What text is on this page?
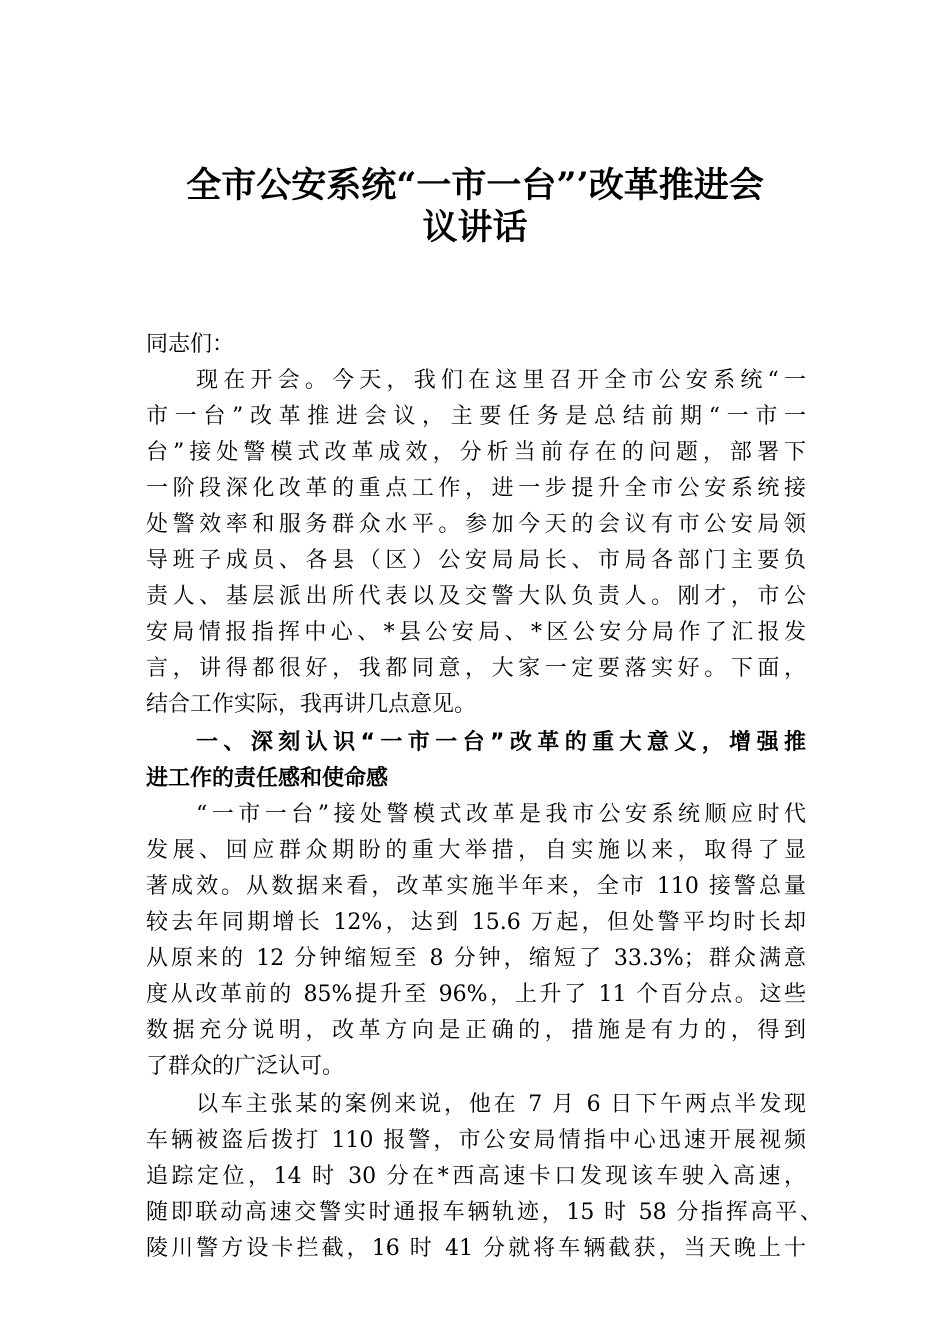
全市公安系统“一市一台”’改革推进会
议讲话
同志们：
现在开会。今天，我们在这里召开全市公安系统“一
市一台”改革推进会议，主要任务是总结前期“一市一
台”接处警模式改革成效，分析当前存在的问题，部署下
一阶段深化改革的重点工作，进一步提升全市公安系统接
处警效率和服务群众水平。参加今天的会议有市公安局领
导班子成员、各县（区）公安局局长、市局各部门主要负
责人、基层派出所代表以及交警大队负责人。刚才，市公
安局情报指挥中心、*县公安局、*区公安分局作了汇报发
言，讲得都很好，我都同意，大家一定要落实好。下面，
结合工作实际，我再讲几点意见。
一、深刻认识“一市一台”改革的重大意义，增强推
进工作的责任感和使命感
“一市一台”接处警模式改革是我市公安系统顺应时代
发展、回应群众期盼的重大举措，自实施以来，取得了显
著成效。从数据来看，改革实施半年来，全市 110 接警总量
较去年同期增长 12%，达到 15.6 万起，但处警平均时长却
从原来的 12 分钟缩短至 8 分钟，缩短了 33.3%；群众满意
度从改革前的 85%提升至 96%，上升了 11 个百分点。这些
数据充分说明，改革方向是正确的，措施是有力的，得到
了群众的广泛认可。
以车主张某的案例来说，他在 7 月 6 日下午两点半发现
车辆被盗后拨打 110 报警，市公安局情指中心迅速开展视频
追踪定位，14 时 30 分在*西高速卡口发现该车驶入高速，
随即联动高速交警实时通报车辆轨迹，15 时 58 分指挥高平、
陵川警方设卡拦截，16 时 41 分就将车辆截获，当天晚上十
